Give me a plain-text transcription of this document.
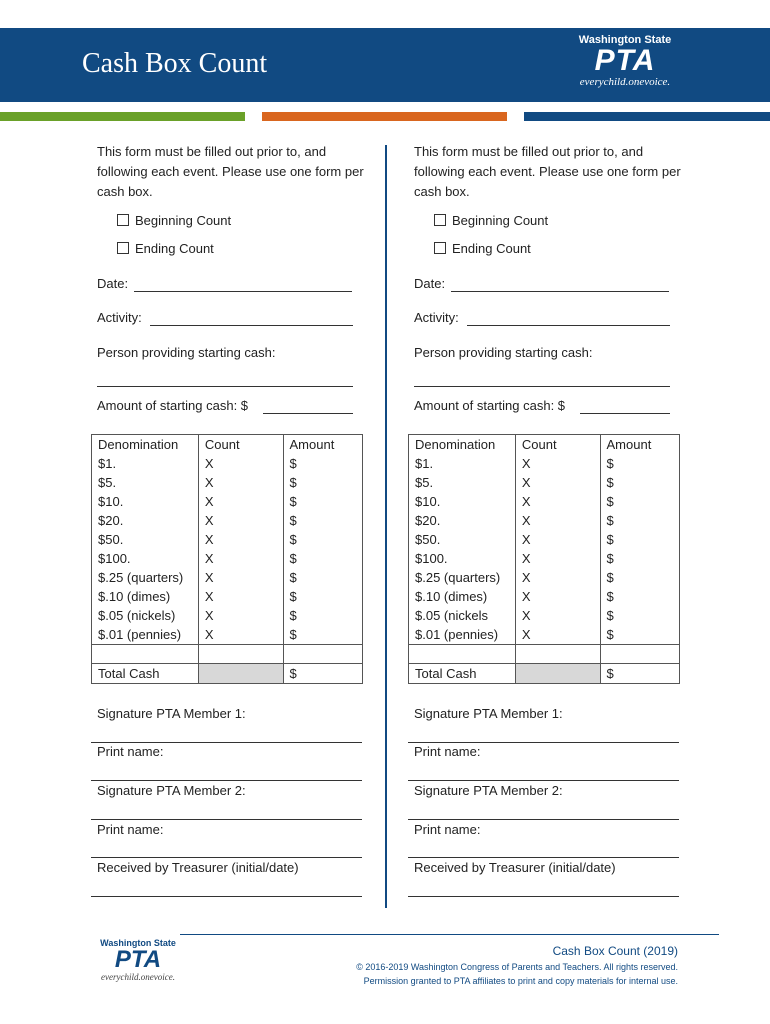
Cash Box Count
Washington State
PTA
everychild.onevoice.
This form must be filled out prior to, and following each event. Please use one form per cash box.
Beginning Count
Ending Count
Date:
Activity:
Person providing starting cash:
Amount of starting cash: $
Denomination	Count	Amount
$1.	X	$
$5.	X	$
$10.	X	$
$20.	X	$
$50.	X	$
$100.	X	$
$.25 (quarters)	X	$
$.10 (dimes)	X	$
$.05 (nickels)	X	$
$.01 (pennies)	X	$

Total Cash		$
Signature PTA Member 1:
Print name:
Signature PTA Member 2:
Print name:
Received by Treasurer (initial/date)
This form must be filled out prior to, and following each event. Please use one form per cash box.
Beginning Count
Ending Count
Date:
Activity:
Person providing starting cash:
Amount of starting cash: $
Denomination	Count	Amount
$1.	X	$
$5.	X	$
$10.	X	$
$20.	X	$
$50.	X	$
$100.	X	$
$.25 (quarters)	X	$
$.10 (dimes)	X	$
$.05 (nickels	X	$
$.01 (pennies)	X	$

Total Cash		$
Signature PTA Member 1:
Print name:
Signature PTA Member 2:
Print name:
Received by Treasurer (initial/date)
Washington State
PTA
everychild.onevoice.
Cash Box Count (2019)
© 2016-2019 Washington Congress of Parents and Teachers. All rights reserved.
Permission granted to PTA affiliates to print and copy materials for internal use.
